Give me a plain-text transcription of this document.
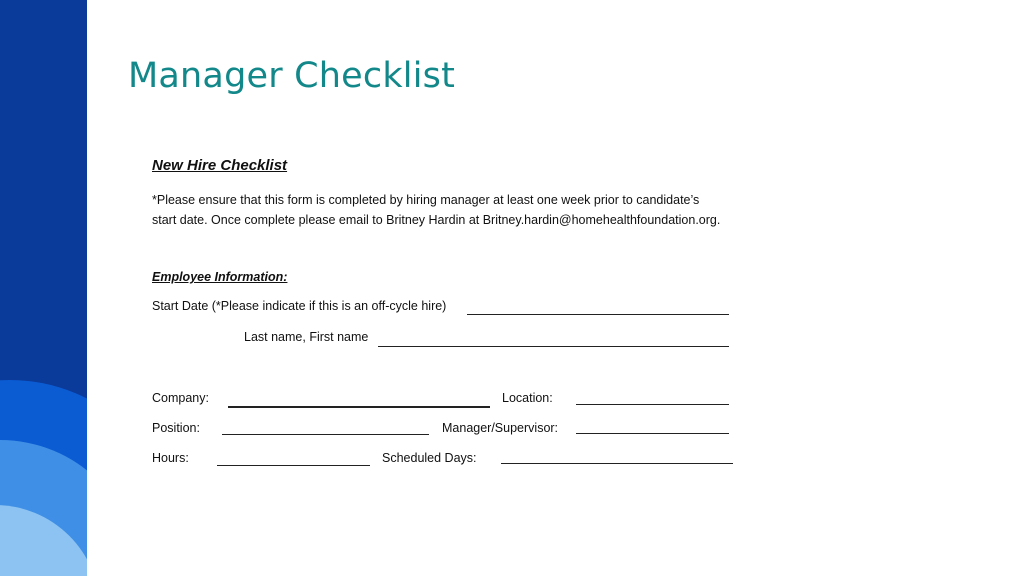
Manager Checklist
New Hire Checklist
*Please ensure that this form is completed by hiring manager at least one week prior to candidate’s
start date. Once complete please email to Britney Hardin at Britney.hardin@homehealthfoundation.org.
Employee Information:
Start Date (*Please indicate if this is an off-cycle hire)
Last name, First name
Company:	Location:
Position:	Manager/Supervisor:
Hours:	Scheduled Days:
